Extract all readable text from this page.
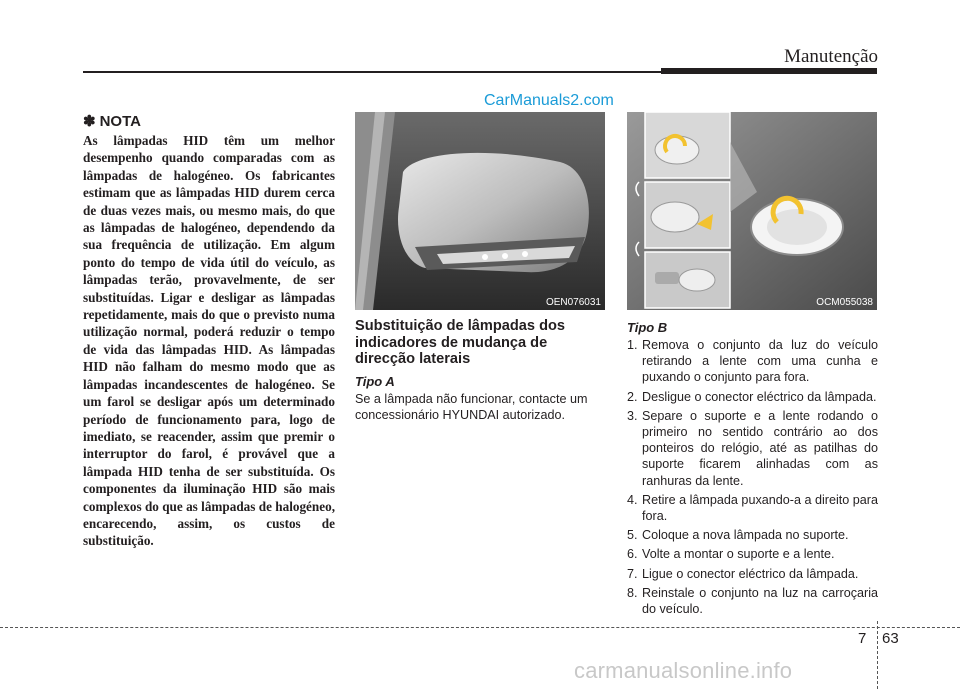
Manutenção
CarManuals2.com
✽ NOTA

As lâmpadas HID têm um melhor desempenho quando comparadas com as lâmpadas de halogéneo. Os fabricantes estimam que as lâmpadas HID durem cerca de duas vezes mais, ou mesmo mais, do que as lâmpadas de halogéneo, dependendo da sua frequência de utilização. Em algum ponto do tempo de vida útil do veículo, as lâmpadas terão, provavelmente, de ser substituídas. Ligar e desligar as lâmpadas repetidamente, mais do que o previsto numa utilização normal, poderá reduzir o tempo de vida das lâmpadas HID. As lâmpadas HID não falham do mesmo modo que as lâmpadas incandescentes de halogéneo. Se um farol se desligar após um determinado período de funcionamento para, logo de imediato, se reacender, assim que premir o interruptor do farol, é provável que a lâmpada HID tenha de ser substituída. Os componentes da iluminação HID são mais complexos do que as lâmpadas de halogéneo, encarecendo, assim, os custos de substituição.

OEN076031
Substituição de lâmpadas dos indicadores de mudança de direcção laterais
Tipo A

Se a lâmpada não funcionar, contacte um concessionário HYUNDAI autorizado.

OCM055038
Tipo B
1. Remova o conjunto da luz do veículo retirando a lente com uma cunha e puxando o conjunto para fora.
2. Desligue o conector eléctrico da lâmpada.
3. Separe o suporte e a lente rodando o primeiro no sentido contrário ao dos ponteiros do relógio, até as patilhas do suporte ficarem alinhadas com as ranhuras da lente.
4. Retire a lâmpada puxando-a a direito para fora.
5. Coloque a nova lâmpada no suporte.
6. Volte a montar o suporte e a lente.
7. Ligue o conector eléctrico da lâmpada.
8. Reinstale o conjunto na luz na carroçaria do veículo.
7 63
carmanualsonline.info
